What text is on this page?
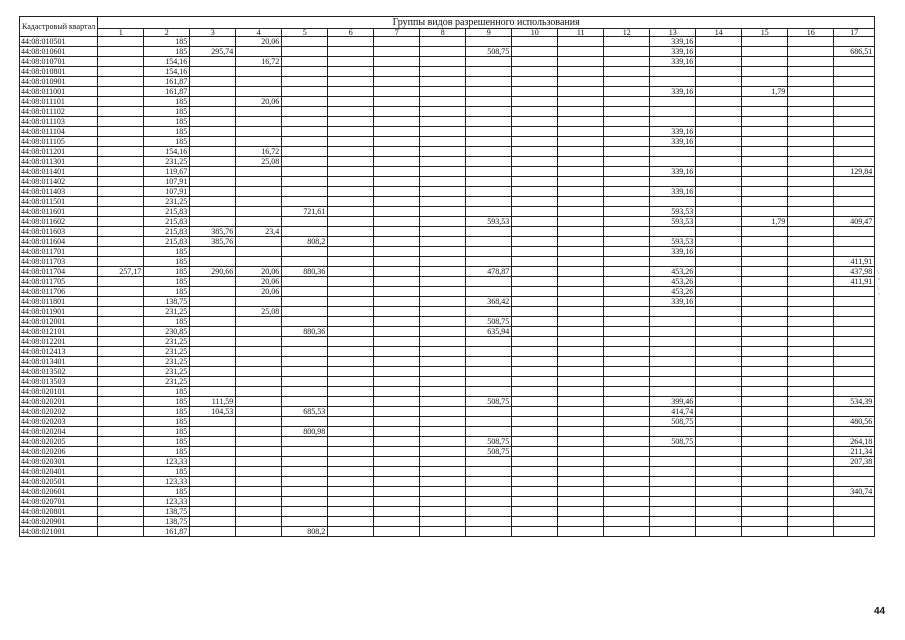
Кадастровый квартал	Группы видов разрешенного использования																
	1	2	3	4	5	6	7	8	9	10	11	12	13	14	15	16	17
44:08:010501		185		20,06									339,16				
44:08:010601		185	295,74						508,75				339,16				686,51
44:08:010701		154,16		16,72									339,16				
44:08:010801		154,16															
44:08:010901		161,87															
44:08:011001		161,87											339,16		1,79		
44:08:011101		185		20,06													
44:08:011102		185															
44:08:011103		185															
44:08:011104		185											339,16				
44:08:011105		185											339,16				
44:08:011201		154,16		16,72													
44:08:011301		231,25		25,08													
44:08:011401		119,67											339,16				129,84
44:08:011402		107,91															
44:08:011403		107,91											339,16				
44:08:011501		231,25															
44:08:011601		215,83			721,61								593,53				
44:08:011602		215,83							593,53				593,53		1,79		409,47
44:08:011603		215,83	385,76	23,4													
44:08:011604		215,83	385,76		808,2								593,53				
44:08:011701		185											339,16				
44:08:011703		185															411,91
44:08:011704	257,17	185	290,66	20,06	880,36				478,87				453,26				437,98
44:08:011705		185		20,06									453,26				411,91
44:08:011706		185		20,06									453,26				
44:08:011801		138,75							368,42				339,16				
44:08:011901		231,25		25,08													
44:08:012001		185							508,75								
44:08:012101		230,85			880,36				635,94								
44:08:012201		231,25															
44:08:012413		231,25															
44:08:013401		231,25															
44:08:013502		231,25															
44:08:013503		231,25															
44:08:020101		185															
44:08:020201		185	111,59						508,75				399,46				534,39
44:08:020202		185	104,53		685,53								414,74				
44:08:020203		185											508,75				480,56
44:08:020204		185			800,98												
44:08:020205		185							508,75				508,75				264,18
44:08:020206		185							508,75								211,34
44:08:020301		123,33															207,38
44:08:020401		185															
44:08:020501		123,33															
44:08:020601		185															340,74
44:08:020701		123,33															
44:08:020801		138,75															
44:08:020901		138,75															
44:08:021001		161,87			808,2												
44
